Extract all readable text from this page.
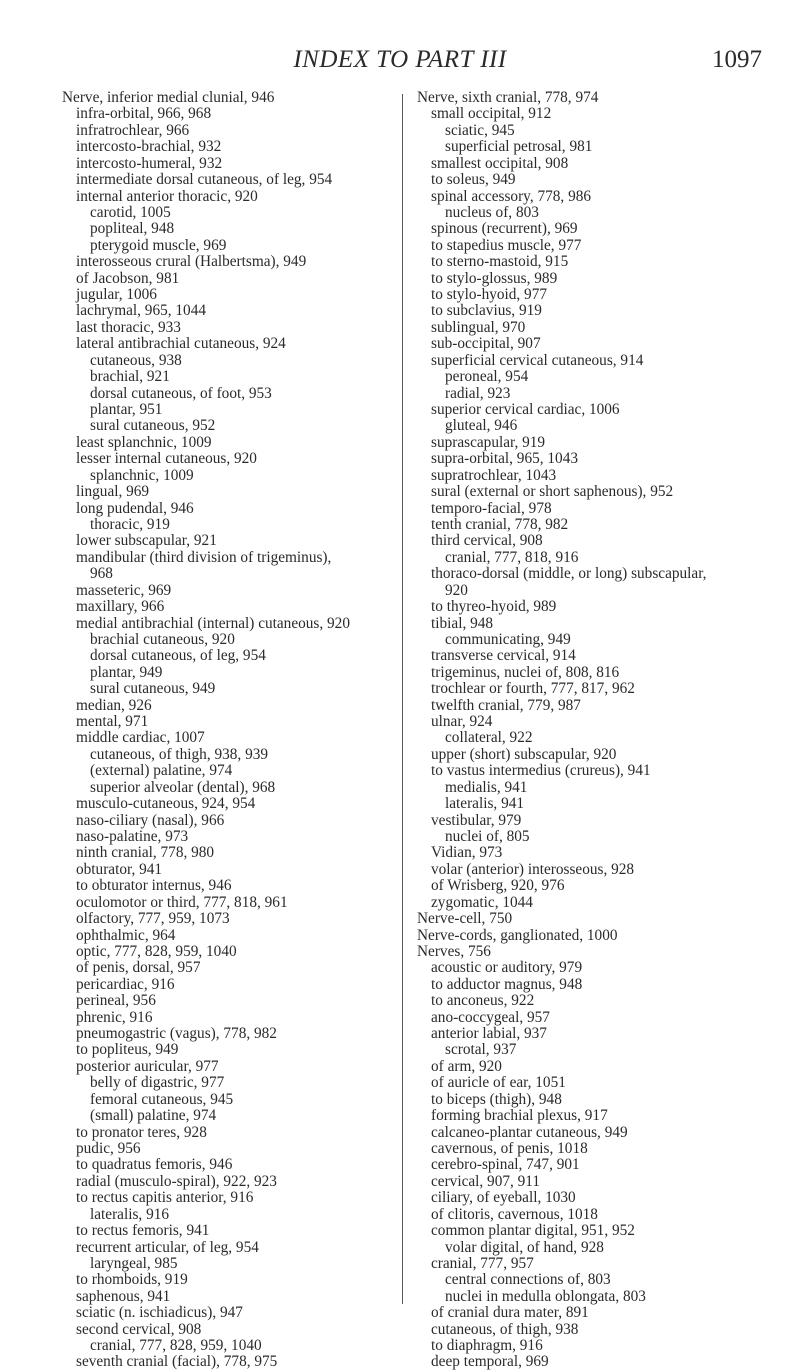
INDEX TO PART III	1097
Nerve, inferior medial clunial, 946
infra-orbital, 966, 968
infratrochlear, 966
intercosto-brachial, 932
intercosto-humeral, 932
intermediate dorsal cutaneous, of leg, 954
internal anterior thoracic, 920
carotid, 1005
popliteal, 948
pterygoid muscle, 969
interosseous crural (Halbertsma), 949
of Jacobson, 981
jugular, 1006
lachrymal, 965, 1044
last thoracic, 933
lateral antibrachial cutaneous, 924
cutaneous, 938
brachial, 921
dorsal cutaneous, of foot, 953
plantar, 951
sural cutaneous, 952
least splanchnic, 1009
lesser internal cutaneous, 920
splanchnic, 1009
lingual, 969
long pudendal, 946
thoracic, 919
lower subscapular, 921
mandibular (third division of trigeminus),
968
masseteric, 969
maxillary, 966
medial antibrachial (internal) cutaneous, 920
brachial cutaneous, 920
dorsal cutaneous, of leg, 954
plantar, 949
sural cutaneous, 949
median, 926
mental, 971
middle cardiac, 1007
cutaneous, of thigh, 938, 939
(external) palatine, 974
superior alveolar (dental), 968
musculo-cutaneous, 924, 954
naso-ciliary (nasal), 966
naso-palatine, 973
ninth cranial, 778, 980
obturator, 941
to obturator internus, 946
oculomotor or third, 777, 818, 961
olfactory, 777, 959, 1073
ophthalmic, 964
optic, 777, 828, 959, 1040
of penis, dorsal, 957
pericardiac, 916
perineal, 956
phrenic, 916
pneumogastric (vagus), 778, 982
to popliteus, 949
posterior auricular, 977
belly of digastric, 977
femoral cutaneous, 945
(small) palatine, 974
to pronator teres, 928
pudic, 956
to quadratus femoris, 946
radial (musculo-spiral), 922, 923
to rectus capitis anterior, 916
lateralis, 916
to rectus femoris, 941
recurrent articular, of leg, 954
laryngeal, 985
to rhomboids, 919
saphenous, 941
sciatic (n. ischiadicus), 947
second cervical, 908
cranial, 777, 828, 959, 1040
seventh cranial (facial), 778, 975
Nerve, sixth cranial, 778, 974
small occipital, 912
sciatic, 945
superficial petrosal, 981
smallest occipital, 908
to soleus, 949
spinal accessory, 778, 986
nucleus of, 803
spinous (recurrent), 969
to stapedius muscle, 977
to sterno-mastoid, 915
to stylo-glossus, 989
to stylo-hyoid, 977
to subclavius, 919
sublingual, 970
sub-occipital, 907
superficial cervical cutaneous, 914
peroneal, 954
radial, 923
superior cervical cardiac, 1006
gluteal, 946
suprascapular, 919
supra-orbital, 965, 1043
supratrochlear, 1043
sural (external or short saphenous), 952
temporo-facial, 978
tenth cranial, 778, 982
third cervical, 908
cranial, 777, 818, 916
thoraco-dorsal (middle, or long) subscapular,
920
to thyreo-hyoid, 989
tibial, 948
communicating, 949
transverse cervical, 914
trigeminus, nuclei of, 808, 816
trochlear or fourth, 777, 817, 962
twelfth cranial, 779, 987
ulnar, 924
collateral, 922
upper (short) subscapular, 920
to vastus intermedius (crureus), 941
medialis, 941
lateralis, 941
vestibular, 979
nuclei of, 805
Vidian, 973
volar (anterior) interosseous, 928
of Wrisberg, 920, 976
zygomatic, 1044
Nerve-cell, 750
Nerve-cords, ganglionated, 1000
Nerves, 756
acoustic or auditory, 979
to adductor magnus, 948
to anconeus, 922
ano-coccygeal, 957
anterior labial, 937
scrotal, 937
of arm, 920
of auricle of ear, 1051
to biceps (thigh), 948
forming brachial plexus, 917
calcaneo-plantar cutaneous, 949
cavernous, of penis, 1018
cerebro-spinal, 747, 901
cervical, 907, 911
ciliary, of eyeball, 1030
of clitoris, cavernous, 1018
common plantar digital, 951, 952
volar digital, of hand, 928
cranial, 777, 957
central connections of, 803
nuclei in medulla oblongata, 803
of cranial dura mater, 891
cutaneous, of thigh, 938
to diaphragm, 916
deep temporal, 969
